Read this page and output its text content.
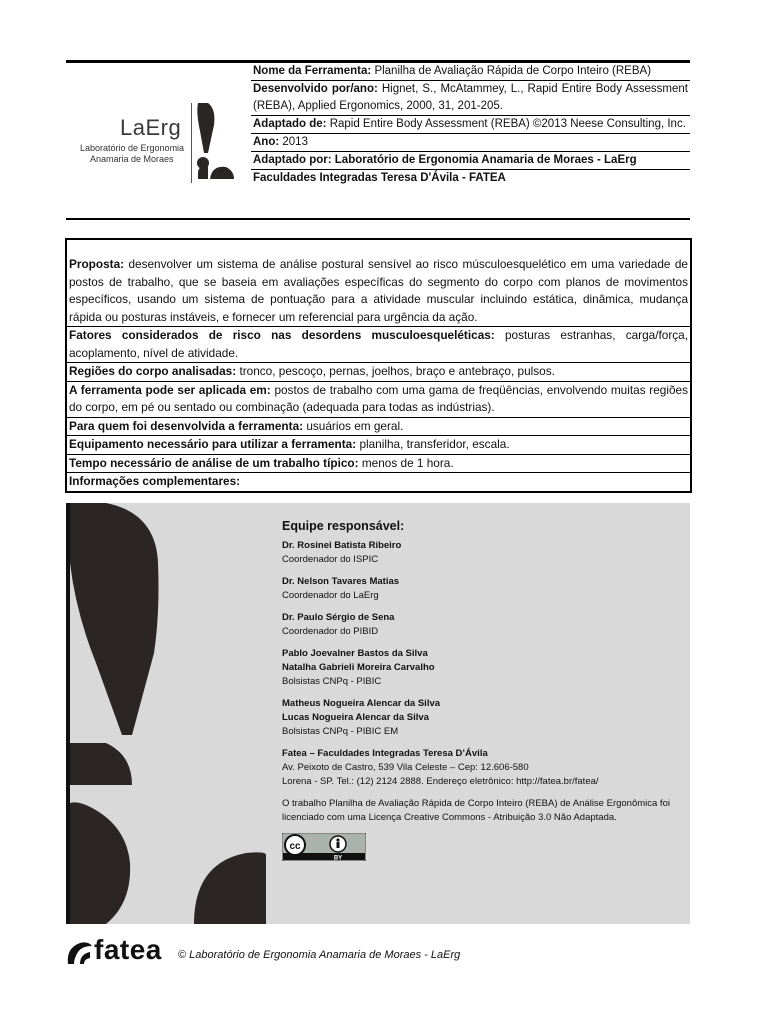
LaErg
Laboratório de Ergonomia
Anamaria de Moraes
Nome da Ferramenta: Planilha de Avaliação Rápida de Corpo Inteiro (REBA)
Desenvolvido por/ano: Hignet, S., McAtammey, L., Rapid Entire Body Assessment (REBA), Applied Ergonomics, 2000, 31, 201-205.
Adaptado de: Rapid Entire Body Assessment (REBA) ©2013 Neese Consulting, Inc.
Ano: 2013
Adaptado por: Laboratório de Ergonomia Anamaria de Moraes - LaErg
Faculdades Integradas Teresa D'Ávila - FATEA
Proposta: desenvolver um sistema de análise postural sensível ao risco músculoesquelético em uma variedade de postos de trabalho, que se baseia em avaliações específicas do segmento do corpo com planos de movimentos específicos, usando um sistema de pontuação para a atividade muscular incluindo estática, dinâmica, mudança rápida ou posturas instáveis, e fornecer um referencial para urgência da ação.
Fatores considerados de risco nas desordens musculoesqueléticas: posturas estranhas, carga/força, acoplamento, nível de atividade.
Regiões do corpo analisadas: tronco, pescoço, pernas, joelhos, braço e antebraço, pulsos.
A ferramenta pode ser aplicada em: postos de trabalho com uma gama de freqüências, envolvendo muitas regiões do corpo, em pé ou sentado ou combinação (adequada para todas as indústrias).
Para quem foi desenvolvida a ferramenta: usuários em geral.
Equipamento necessário para utilizar a ferramenta: planilha, transferidor, escala.
Tempo necessário de análise de um trabalho típico: menos de 1 hora.
Informações complementares:
Equipe responsável:
Dr. Rosinei Batista Ribeiro
Coordenador do ISPIC
Dr. Nelson Tavares Matias
Coordenador do LaErg
Dr. Paulo Sérgio de Sena
Coordenador do PIBID
Pablo Joevalner Bastos da Silva
Natalha Gabrieli Moreira Carvalho
Bolsistas CNPq - PIBIC
Matheus Nogueira Alencar da Silva
Lucas Nogueira Alencar da Silva
Bolsistas CNPq - PIBIC EM
Fatea – Faculdades Integradas Teresa D’Ávila
Av. Peixoto de Castro, 539 Vila Celeste – Cep: 12.606-580
Lorena - SP. Tel.: (12) 2124 2888. Endereço eletrônico: http://fatea.br/fatea/
O trabalho Planilha de Avaliação Rápida de Corpo Inteiro (REBA) de Análise Ergonômica foi licenciado com uma Licença Creative Commons - Atribuição 3.0 Não Adaptada.
cc
BY
fatea © Laboratório de Ergonomia Anamaria de Moraes - LaErg
